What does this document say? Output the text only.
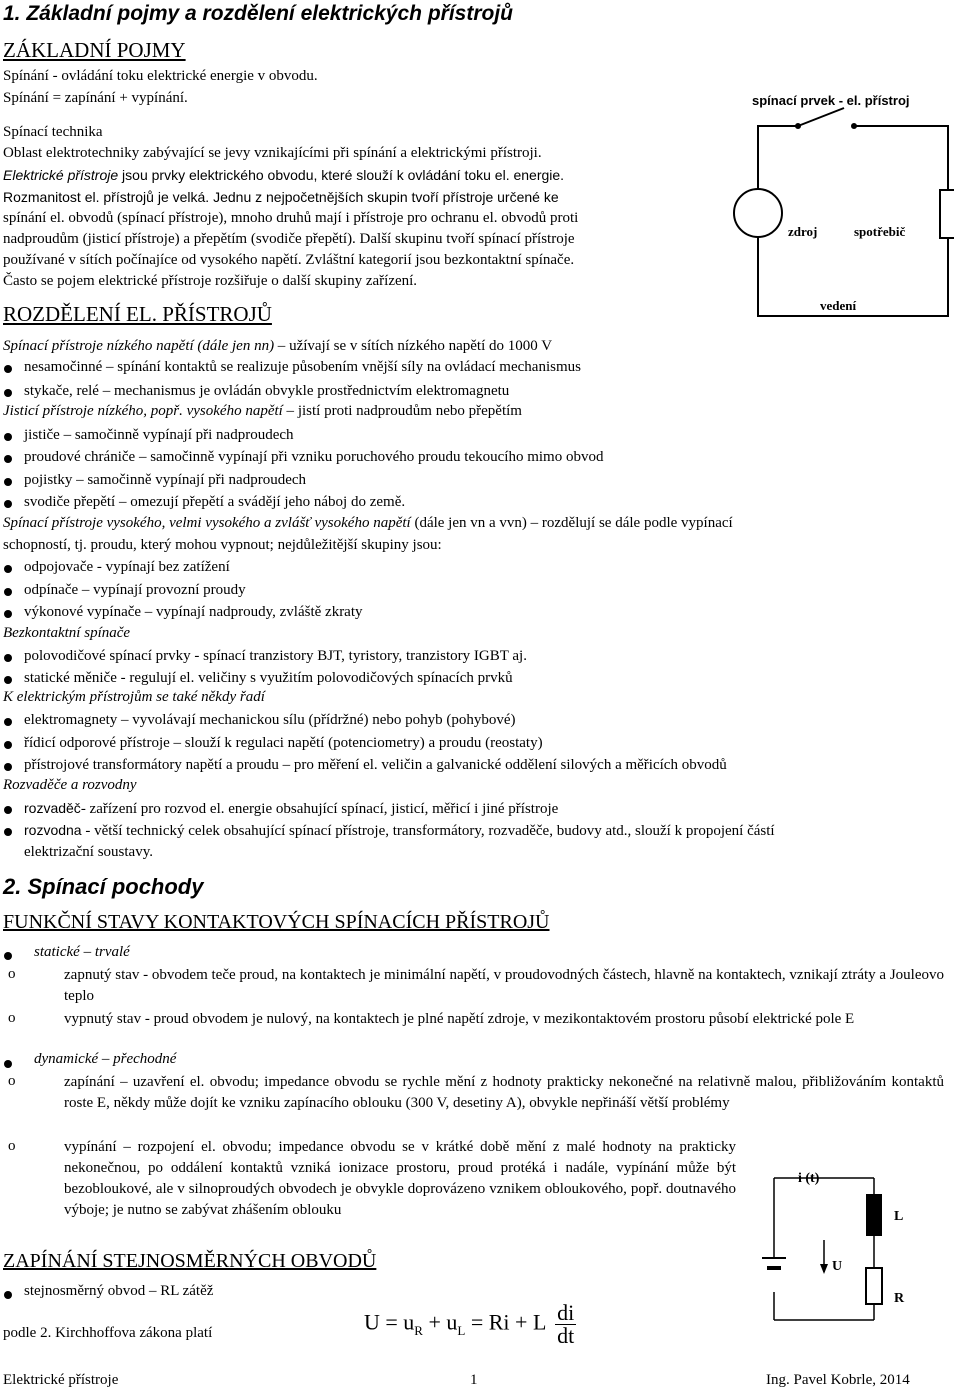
1. Základní pojmy a rozdělení elektrických přístrojů
ZÁKLADNÍ POJMY
Spínání - ovládání toku elektrické energie v obvodu.
Spínání = zapínání + vypínání.
Spínací technika
Oblast elektrotechniky zabývající se jevy vznikajícími při spínání a elektrickými přístroji.
Elektrické přístroje jsou prvky elektrického obvodu, které slouží k ovládání toku el. energie.
Rozmanitost el. přístrojů je velká. Jednu z nejpočetnějších skupin tvoří přístroje určené ke
spínání el. obvodů (spínací přístroje), mnoho druhů mají i přístroje pro ochranu el. obvodů proti
nadproudům (jisticí přístroje) a přepětím (svodiče přepětí). Další skupinu tvoří spínací přístroje
používané v sítích počínajíce od vysokého napětí. Zvláštní kategorií jsou bezkontaktní spínače.
Často se pojem elektrické přístroje rozšiřuje o další skupiny zařízení.
spínací prvek - el. přístroj
zdroj	spotřebič
vedení
ROZDĚLENÍ EL. PŘÍSTROJŮ
Spínací přístroje nízkého napětí (dále jen nn) – užívají se v sítích nízkého napětí do 1000 V
nesamočinné – spínání kontaktů se realizuje působením vnější síly na ovládací mechanismus
stykače, relé – mechanismus je ovládán obvykle prostřednictvím elektromagnetu
Jisticí přístroje nízkého, popř. vysokého napětí – jistí proti nadproudům nebo přepětím
jističe – samočinně vypínají při nadproudech
proudové chrániče – samočinně vypínají při vzniku poruchového proudu tekoucího mimo obvod
pojistky – samočinně vypínají při nadproudech
svodiče přepětí – omezují přepětí a svádějí jeho náboj do země.
Spínací přístroje vysokého, velmi vysokého a zvlášť vysokého napětí (dále jen vn a vvn) – rozdělují se dále podle vypínací
schopností, tj. proudu, který mohou vypnout; nejdůležitější skupiny jsou:
odpojovače - vypínají bez zatížení
odpínače – vypínají provozní proudy
výkonové vypínače – vypínají nadproudy, zvláště zkraty
Bezkontaktní spínače
polovodičové spínací prvky - spínací tranzistory BJT, tyristory, tranzistory IGBT aj.
statické měniče - regulují el. veličiny s využitím polovodičových spínacích prvků
K elektrickým přístrojům se také někdy řadí
elektromagnety – vyvolávají mechanickou sílu (přídržné) nebo pohyb (pohybové)
řídicí odporové přístroje – slouží k regulaci napětí (potenciometry) a proudu (reostaty)
přístrojové transformátory napětí a proudu – pro měření el. veličin a galvanické oddělení silových a měřicích obvodů
Rozvaděče a rozvodny
rozvaděč- zařízení pro rozvod el. energie obsahující spínací, jisticí, měřicí i jiné přístroje
rozvodna - větší technický celek obsahující spínací přístroje, transformátory, rozvaděče, budovy atd., slouží k propojení částí
elektrizační soustavy.
2. Spínací pochody
FUNKČNÍ STAVY KONTAKTOVÝCH SPÍNACÍCH PŘÍSTROJŮ
statické – trvalé
o	zapnutý stav - obvodem teče proud, na kontaktech je minimální napětí, v proudovodných částech, hlavně na kontaktech, vznikají ztráty a Jouleovo teplo
o	vypnutý stav - proud obvodem je nulový, na kontaktech je plné napětí zdroje, v mezikontaktovém prostoru působí elektrické pole E
dynamické – přechodné
o	zapínání – uzavření el. obvodu; impedance obvodu se rychle mění z hodnoty prakticky nekonečné na relativně malou, přibližováním kontaktů roste E, někdy může dojít ke vzniku zapínacího oblouku (300 V, desetiny A), obvykle nepřináší větší problémy
o	vypínání – rozpojení el. obvodu; impedance obvodu se v krátké době mění z malé hodnoty na prakticky nekonečnou, po oddálení kontaktů vzniká ionizace prostoru, proud protéká i nadále, vypínání může být bezobloukové, ale v silnoproudých obvodech je obvykle doprovázeno vznikem obloukového, popř. doutnavého výboje; je nutno se zabývat zhášením oblouku
i (t)
U
L
R
ZAPÍNÁNÍ STEJNOSMĚRNÝCH OBVODŮ
stejnosměrný obvod – RL zátěž
podle 2. Kirchhoffova zákona platí	$U = u_R + u_L = Ri + L \frac{di}{dt}$
Elektrické přístroje	1	Ing. Pavel Kobrle, 2014
